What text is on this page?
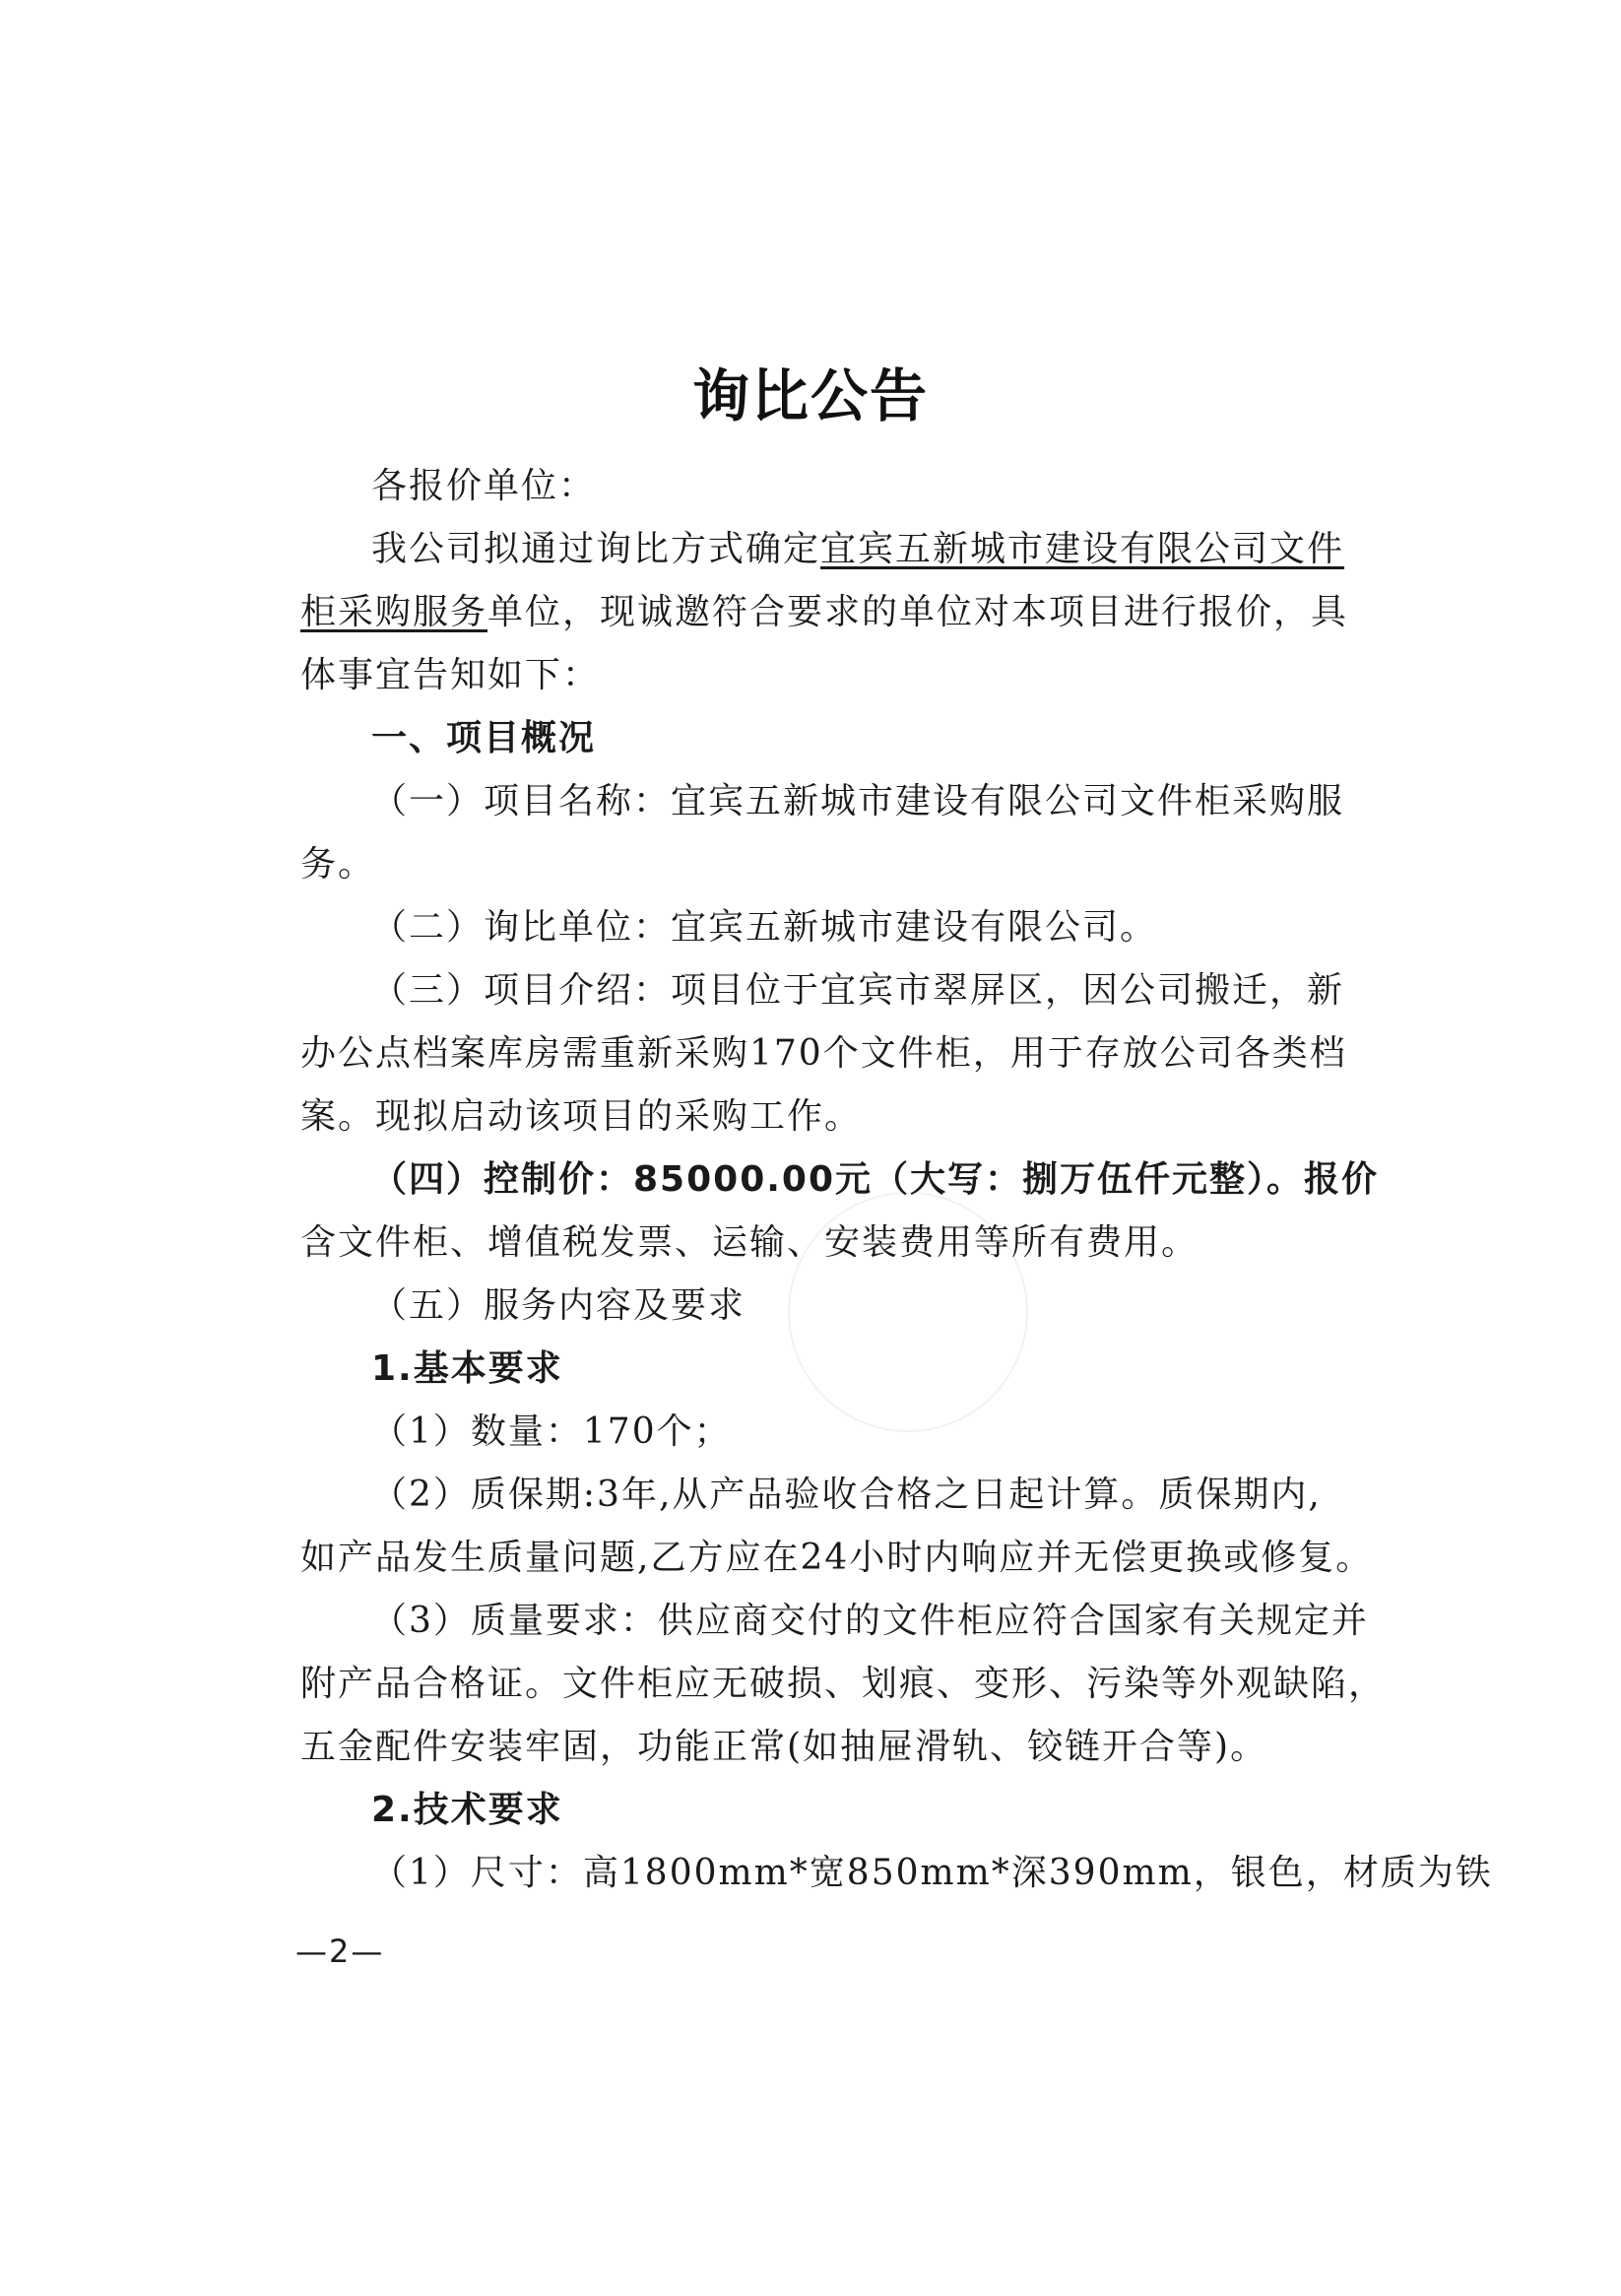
询比公告
各报价单位：
我公司拟通过询比方式确定宜宾五新城市建设有限公司文件
柜采购服务单位，现诚邀符合要求的单位对本项目进行报价，具
体事宜告知如下：
一、项目概况
（一）项目名称：宜宾五新城市建设有限公司文件柜采购服
务。
（二）询比单位：宜宾五新城市建设有限公司。
（三）项目介绍：项目位于宜宾市翠屏区，因公司搬迁，新
办公点档案库房需重新采购170个文件柜，用于存放公司各类档
案。现拟启动该项目的采购工作。
（四）控制价：85000.00元（大写：捌万伍仟元整）。报价
含文件柜、增值税发票、运输、安装费用等所有费用。
（五）服务内容及要求
1.基本要求
（1）数量：170个；
（2）质保期:3年,从产品验收合格之日起计算。质保期内,
如产品发生质量问题,乙方应在24小时内响应并无偿更换或修复。
（3）质量要求：供应商交付的文件柜应符合国家有关规定并
附产品合格证。文件柜应无破损、划痕、变形、污染等外观缺陷，
五金配件安装牢固，功能正常(如抽屉滑轨、铰链开合等)。
2.技术要求
（1）尺寸：高1800mm*宽850mm*深390mm，银色，材质为铁
—2—
